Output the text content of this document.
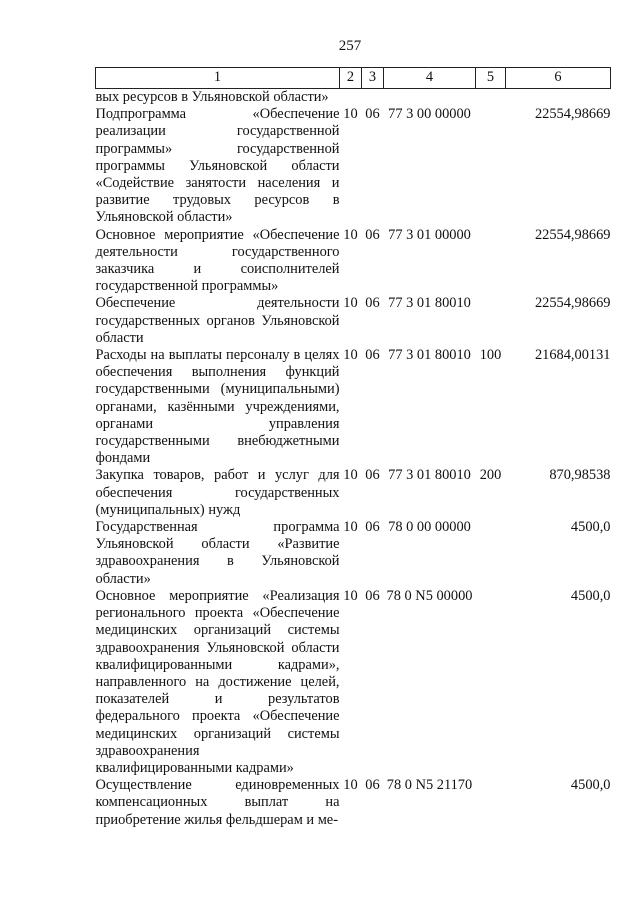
257
1	2	3	4	5	6
вых ресурсов в Ульяновской области»					
Подпрограмма «Обеспечение реализации государственной программы» государственной программы Ульяновской области «Содействие занятости населения и развитие трудовых ресурсов в Ульяновской области»	10	06	77 3 00 00000		22554,98669
Основное мероприятие «Обеспечение деятельности государственного заказчика и соисполнителей государственной программы»	10	06	77 3 01 00000		22554,98669
Обеспечение деятельности государственных органов Ульяновской области	10	06	77 3 01 80010		22554,98669
Расходы на выплаты персоналу в целях обеспечения выполнения функций государственными (муниципальными) органами, казёнными учреждениями, органами управления государственными внебюджетными фондами	10	06	77 3 01 80010	100	21684,00131
Закупка товаров, работ и услуг для обеспечения государственных (муниципальных) нужд	10	06	77 3 01 80010	200	870,98538
Государственная программа Ульяновской области «Развитие здравоохранения в Ульяновской области»	10	06	78 0 00 00000		4500,0
Основное мероприятие «Реализация регионального проекта «Обеспечение медицинских организаций системы здравоохранения Ульяновской области квалифицированными кадрами», направленного на достижение целей, показателей и результатов федерального проекта «Обеспечение медицинских организаций системы здравоохранения квалифицированными кадрами»	10	06	78 0 N5 00000		4500,0
Осуществление единовременных компенсационных выплат на приобретение жилья фельдшерам и ме-	10	06	78 0 N5 21170		4500,0
